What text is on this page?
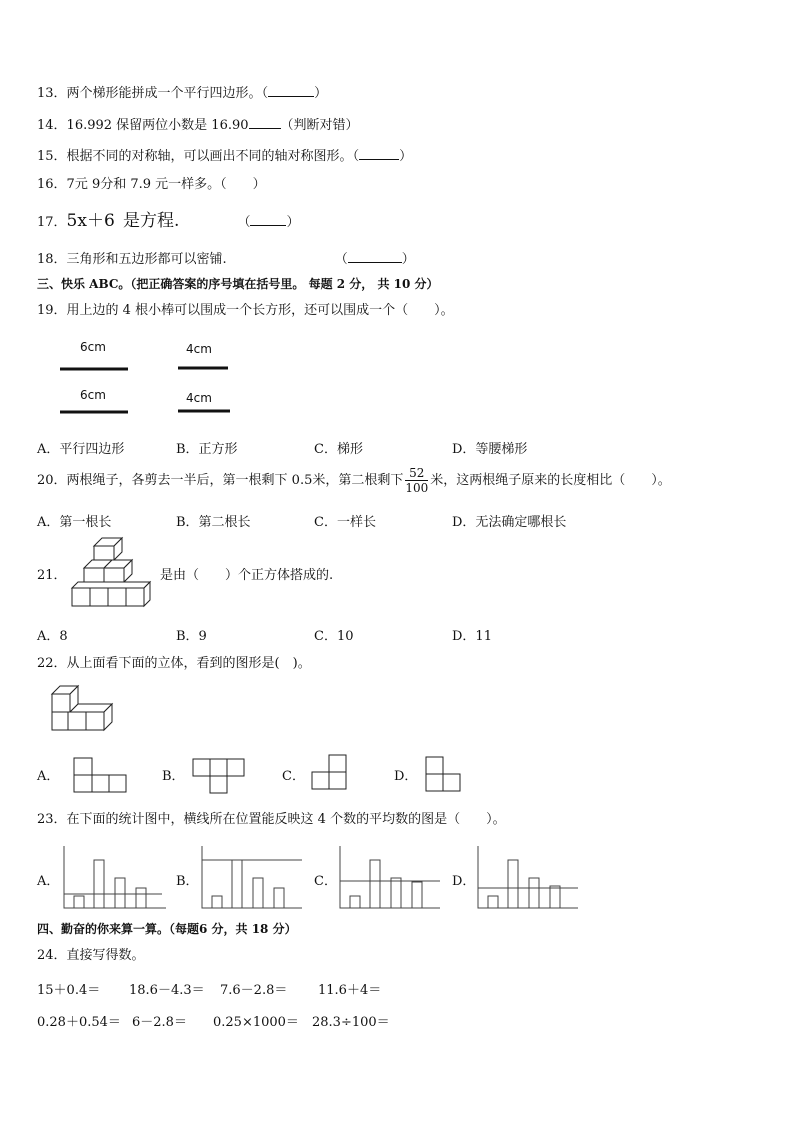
13．两个梯形能拼成一个平行四边形。（	）
14．16.992 保留两位小数是 16.90 （判断对错）
15．根据不同的对称轴，可以画出不同的轴对称图形。（	）
16．7元 9分和 7.9 元一样多。（　　）
17．5x＋6 是方程.	（	）
18．三角形和五边形都可以密铺.	（	）
三、快乐 ABC。（把正确答案的序号填在括号里。 每题 2 分， 共 10 分）
19．用上边的 4 根小棒可以围成一个长方形，还可以围成一个（　　）。
6cm	4cm
6cm	4cm
A．平行四边形	B．正方形	C．梯形	D．等腰梯形
20．两根绳子，各剪去一半后，第一根剩下 0.5米，第二根剩下 $\frac{52}{100}$ 米，这两根绳子原来的长度相比（　　）。
A．第一根长	B．第二根长	C．一样长	D．无法确定哪根长
21．	是由（　　）个正方体搭成的.
A．8	B．9	C．10	D．11
22．从上面看下面的立体，看到的图形是(　)。
A．	B．	C．	D．
23．在下面的统计图中，横线所在位置能反映这 4 个数的平均数的图是（　　）。
A．	B．	C．	D．
四、勤奋的你来算一算。（每题6 分，共 18 分）
24．直接写得数。
15＋0.4＝ 18.6－4.3＝ 7.6－2.8＝ 11.6＋4＝
0.28＋0.54＝ 6－2.8＝ 0.25×1000＝ 28.3÷100＝
